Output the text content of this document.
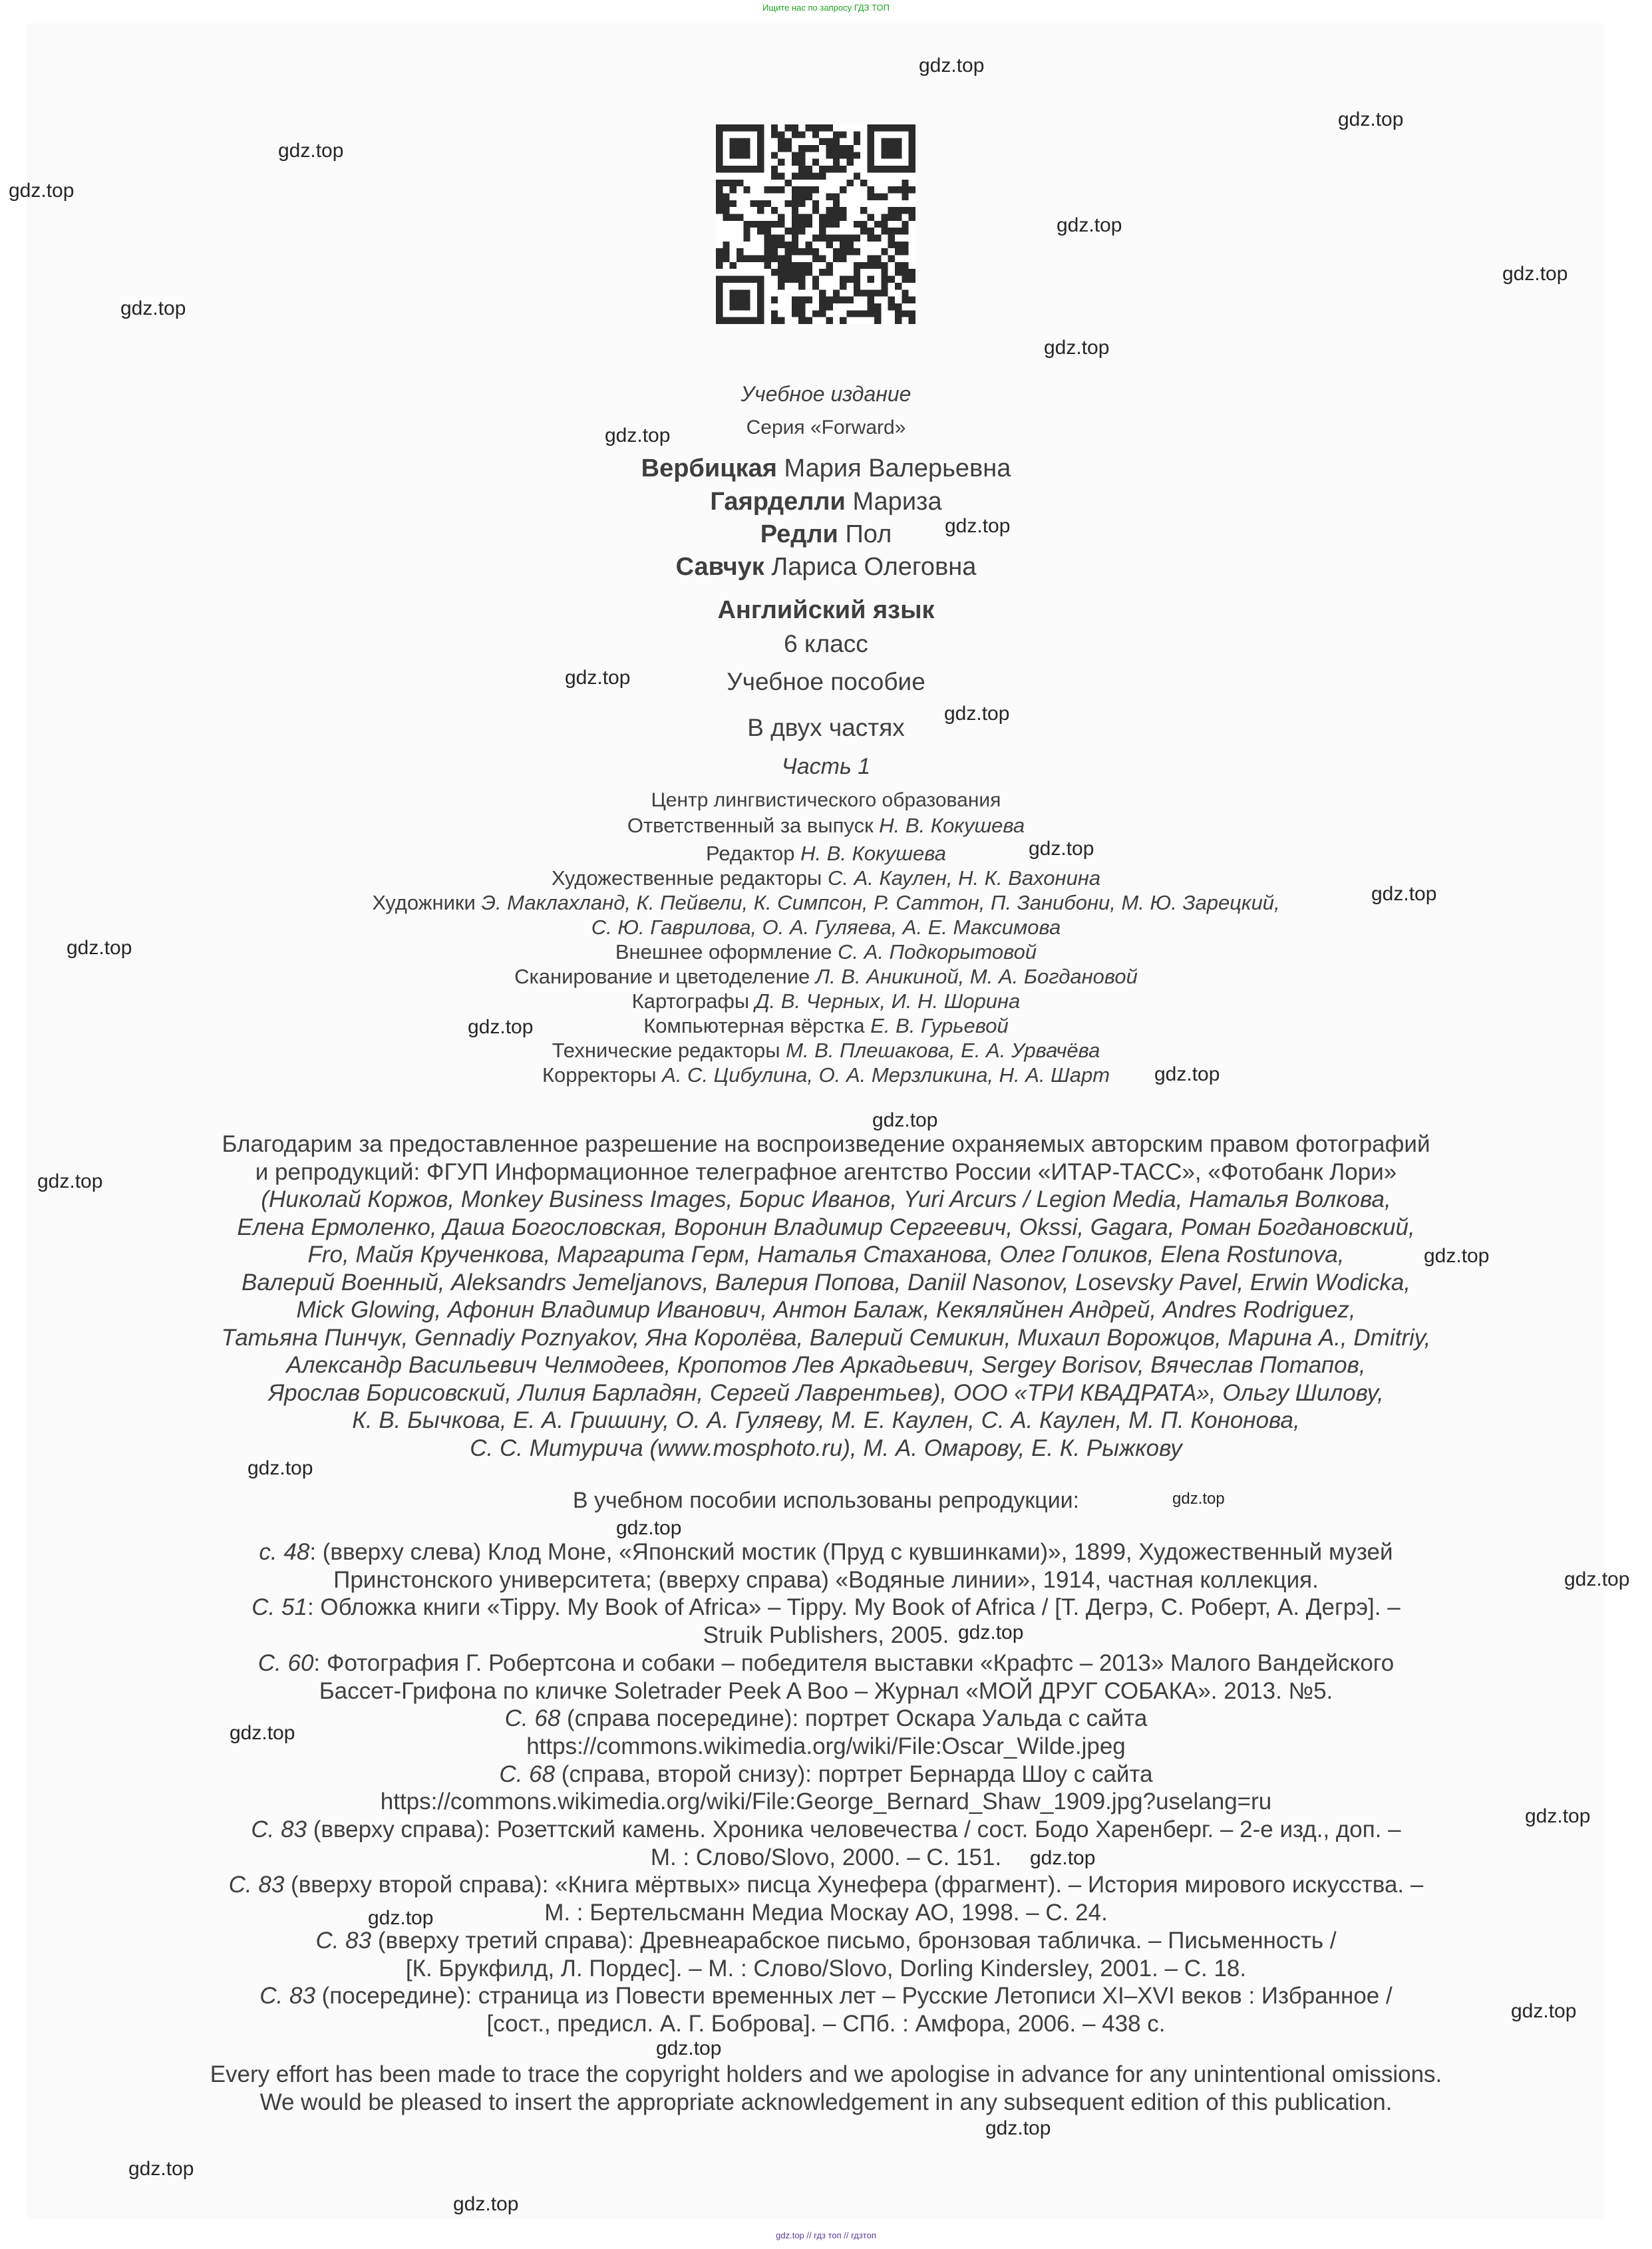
Ищите нас по запросу ГДЗ ТОП
Учебное издание
Серия «Forward»
Вербицкая Мария Валерьевна
Гаярделли Мариза
Редли Пол
Савчук Лариса Олеговна
Английский язык
6 класс
Учебное пособие
В двух частях
Часть 1
Центр лингвистического образования

Ответственный за выпуск Н. В. Кокушева

Редактор Н. В. Кокушева

Художественные редакторы С. А. Каулен, Н. К. Вахонина

Художники Э. Маклахланд, К. Пейвели, К. Симпсон, Р. Саттон, П. Занибони, М. Ю. Зарецкий,

С. Ю. Гаврилова, О. А. Гуляева, А. Е. Максимова

Внешнее оформление С. А. Подкорытовой

Сканирование и цветоделение Л. В. Аникиной, М. А. Богдановой

Картографы Д. В. Черных, И. Н. Шорина

Компьютерная вёрстка Е. В. Гурьевой

Технические редакторы М. В. Плешакова, Е. А. Урвачёва

Корректоры А. С. Цибулина, О. А. Мерзликина, Н. А. Шарт

Благодарим за предоставленное разрешение на воспроизведение охраняемых авторским правом фотографий

и репродукций: ФГУП Информационное телеграфное агентство России «ИТАР-ТАСС», «Фотобанк Лори»

(Николай Коржов, Monkey Business Images, Борис Иванов, Yuri Arcurs / Legion Media, Наталья Волкова,

Елена Ермоленко, Даша Богословская, Воронин Владимир Сергеевич, Okssi, Gagara, Роман Богдановский,

Fro, Майя Крученкова, Маргарита Герм, Наталья Стаханова, Олег Голиков, Elena Rostunova,

Валерий Военный, Aleksandrs Jemeljanovs, Валерия Попова, Daniil Nasonov, Losevsky Pavel, Erwin Wodicka,

Mick Glowing, Афонин Владимир Иванович, Антон Балаж, Кекяляйнен Андрей, Andres Rodriguez,

Татьяна Пинчук, Gennadiy Poznyakov, Яна Королёва, Валерий Семикин, Михаил Ворожцов, Марина А., Dmitriy,

Александр Васильевич Челмодеев, Кропотов Лев Аркадьевич, Sergey Borisov, Вячеслав Потапов,

Ярослав Борисовский, Лилия Барладян, Сергей Лаврентьев), ООО «ТРИ КВАДРАТА», Ольгу Шилову,

К. В. Бычкова, Е. А. Гришину, О. А. Гуляеву, М. Е. Каулен, С. А. Каулен, М. П. Кононова,

С. С. Митурича (www.mosphoto.ru), М. А. Омарову, Е. К. Рыжкову

В учебном пособии использованы репродукции:

с. 48: (вверху слева) Клод Моне, «Японский мостик (Пруд с кувшинками)», 1899, Художественный музей

Принстонского университета; (вверху справа) «Водяные линии», 1914, частная коллекция.

С. 51: Обложка книги «Tippy. My Book of Africa» – Tippy. My Book of Africa / [Т. Дегрэ, С. Роберт, А. Дегрэ]. –

Struik Publishers, 2005.

С. 60: Фотография Г. Робертсона и собаки – победителя выставки «Крафтс – 2013» Малого Вандейского

Бассет-Грифона по кличке Soletrader Peek A Boo – Журнал «МОЙ ДРУГ СОБАКА». 2013. №5.

С. 68 (справа посередине): портрет Оскара Уальда с сайта

https://commons.wikimedia.org/wiki/File:Oscar_Wilde.jpeg

С. 68 (справа, второй снизу): портрет Бернарда Шоу с сайта

https://commons.wikimedia.org/wiki/File:George_Bernard_Shaw_1909.jpg?uselang=ru

С. 83 (вверху справа): Розеттский камень. Хроника человечества / сост. Бодо Харенберг. – 2-е изд., доп. –

М. : Слово/Slovo, 2000. – С. 151.

С. 83 (вверху второй справа): «Книга мёртвых» писца Хунефера (фрагмент). – История мирового искусства. –

М. : Бертельсманн Медиа Москау АО, 1998. – С. 24.

С. 83 (вверху третий справа): Древнеарабское письмо, бронзовая табличка. – Письменность /

[К. Брукфилд, Л. Пордес]. – М. : Слово/Slovo, Dorling Kindersley, 2001. – С. 18.

С. 83 (посередине): страница из Повести временных лет – Русские Летописи XI–XVI веков : Избранное /

[сост., предисл. А. Г. Боброва]. – СПб. : Амфора, 2006. – 438 с.

Every effort has been made to trace the copyright holders and we apologise in advance for any unintentional omissions.

We would be pleased to insert the appropriate acknowledgement in any subsequent edition of this publication.

gdz.top
gdz.top
gdz.top
gdz.top
gdz.top
gdz.top
gdz.top
gdz.top
gdz.top
gdz.top
gdz.top
gdz.top
gdz.top
gdz.top
gdz.top
gdz.top
gdz.top
gdz.top
gdz.top
gdz.top
gdz.top
gdz.top
gdz.top
gdz.top
gdz.top
gdz.top
gdz.top
gdz.top
gdz.top
gdz.top
gdz.top
gdz.top
gdz.top
gdz.top
gdz.top // гдз топ // гдзтоп
